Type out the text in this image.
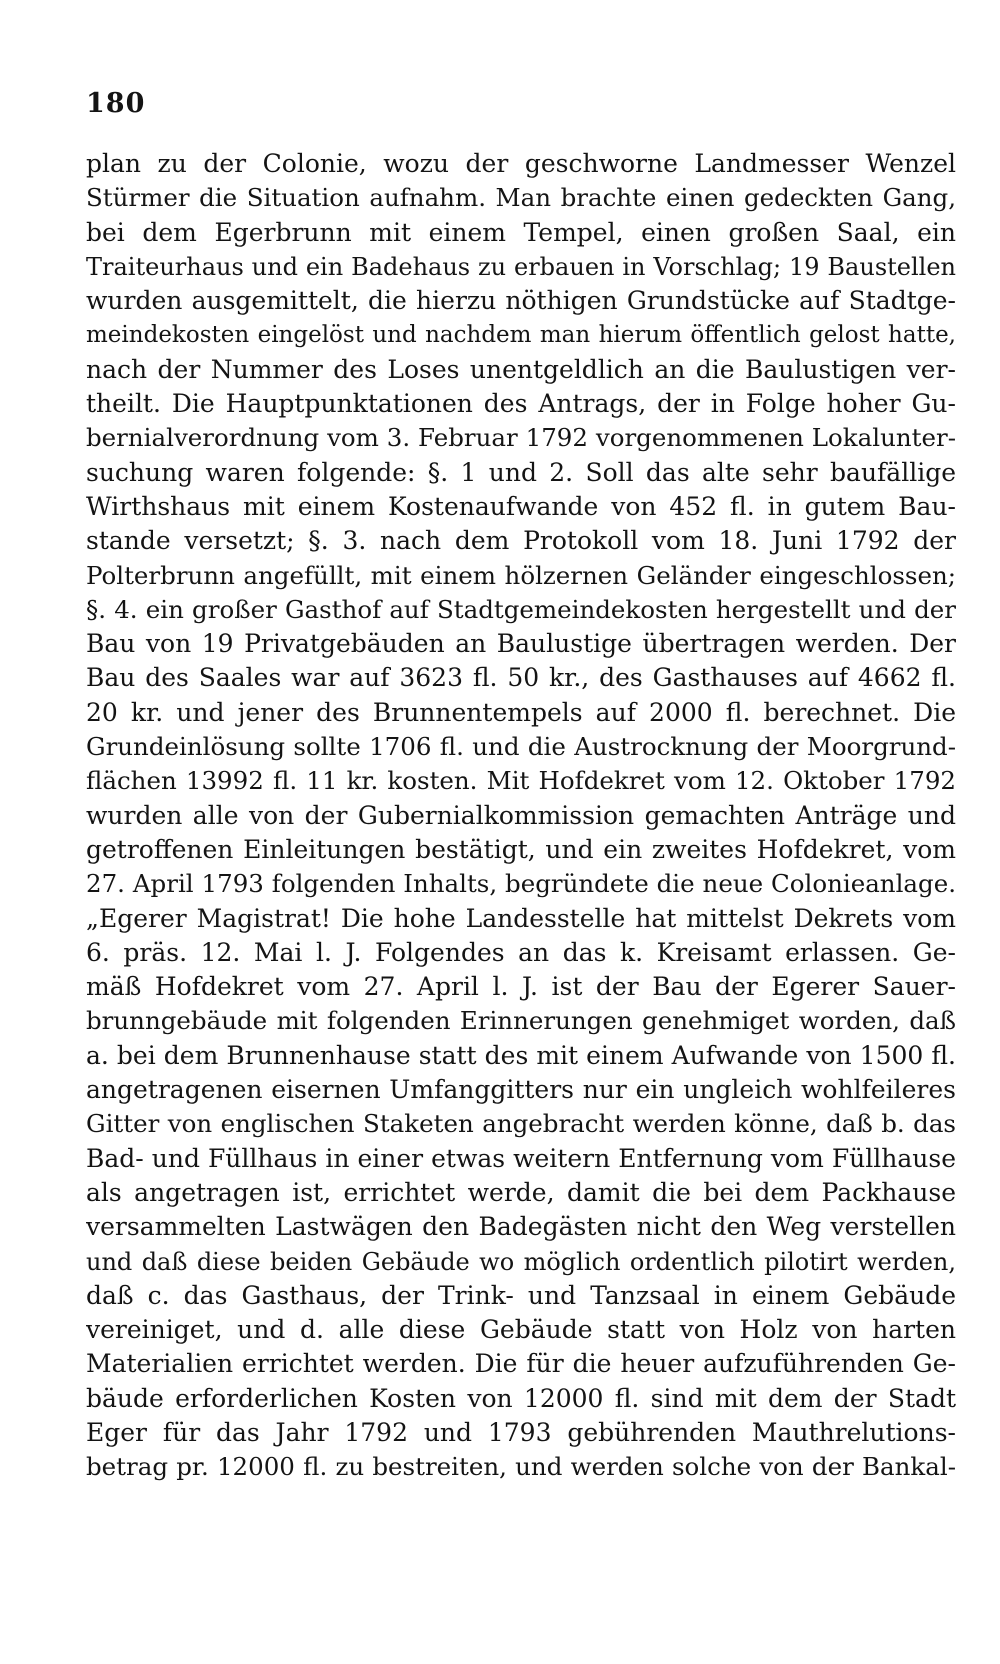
180
plan zu der Colonie, wozu der geschworne Landmesser Wenzel
Stürmer die Situation aufnahm. Man brachte einen gedeckten Gang,
bei dem Egerbrunn mit einem Tempel, einen großen Saal, ein
Traiteurhaus und ein Badehaus zu erbauen in Vorschlag; 19 Baustellen
wurden ausgemittelt, die hierzu nöthigen Grundstücke auf Stadtge-
meindekosten eingelöst und nachdem man hierum öffentlich gelost hatte,
nach der Nummer des Loses unentgeldlich an die Baulustigen ver-
theilt. Die Hauptpunktationen des Antrags, der in Folge hoher Gu-
bernialverordnung vom 3. Februar 1792 vorgenommenen Lokalunter-
suchung waren folgende: §. 1 und 2. Soll das alte sehr baufällige
Wirthshaus mit einem Kostenaufwande von 452 fl. in gutem Bau-
stande versetzt; §. 3. nach dem Protokoll vom 18. Juni 1792 der
Polterbrunn angefüllt, mit einem hölzernen Geländer eingeschlossen;
§. 4. ein großer Gasthof auf Stadtgemeindekosten hergestellt und der
Bau von 19 Privatgebäuden an Baulustige übertragen werden. Der
Bau des Saales war auf 3623 fl. 50 kr., des Gasthauses auf 4662 fl.
20 kr. und jener des Brunnentempels auf 2000 fl. berechnet. Die
Grundeinlösung sollte 1706 fl. und die Austrocknung der Moorgrund-
flächen 13992 fl. 11 kr. kosten. Mit Hofdekret vom 12. Oktober 1792
wurden alle von der Gubernialkommission gemachten Anträge und
getroffenen Einleitungen bestätigt, und ein zweites Hofdekret, vom
27. April 1793 folgenden Inhalts, begründete die neue Colonieanlage.
„Egerer Magistrat! Die hohe Landesstelle hat mittelst Dekrets vom
6. präs. 12. Mai l. J. Folgendes an das k. Kreisamt erlassen. Ge-
mäß Hofdekret vom 27. April l. J. ist der Bau der Egerer Sauer-
brunngebäude mit folgenden Erinnerungen genehmiget worden, daß
a. bei dem Brunnenhause statt des mit einem Aufwande von 1500 fl.
angetragenen eisernen Umfanggitters nur ein ungleich wohlfeileres
Gitter von englischen Staketen angebracht werden könne, daß b. das
Bad- und Füllhaus in einer etwas weitern Entfernung vom Füllhause
als angetragen ist, errichtet werde, damit die bei dem Packhause
versammelten Lastwägen den Badegästen nicht den Weg verstellen
und daß diese beiden Gebäude wo möglich ordentlich pilotirt werden,
daß c. das Gasthaus, der Trink- und Tanzsaal in einem Gebäude
vereiniget, und d. alle diese Gebäude statt von Holz von harten
Materialien errichtet werden. Die für die heuer aufzuführenden Ge-
bäude erforderlichen Kosten von 12000 fl. sind mit dem der Stadt
Eger für das Jahr 1792 und 1793 gebührenden Mauthrelutions-
betrag pr. 12000 fl. zu bestreiten, und werden solche von der Bankal-
